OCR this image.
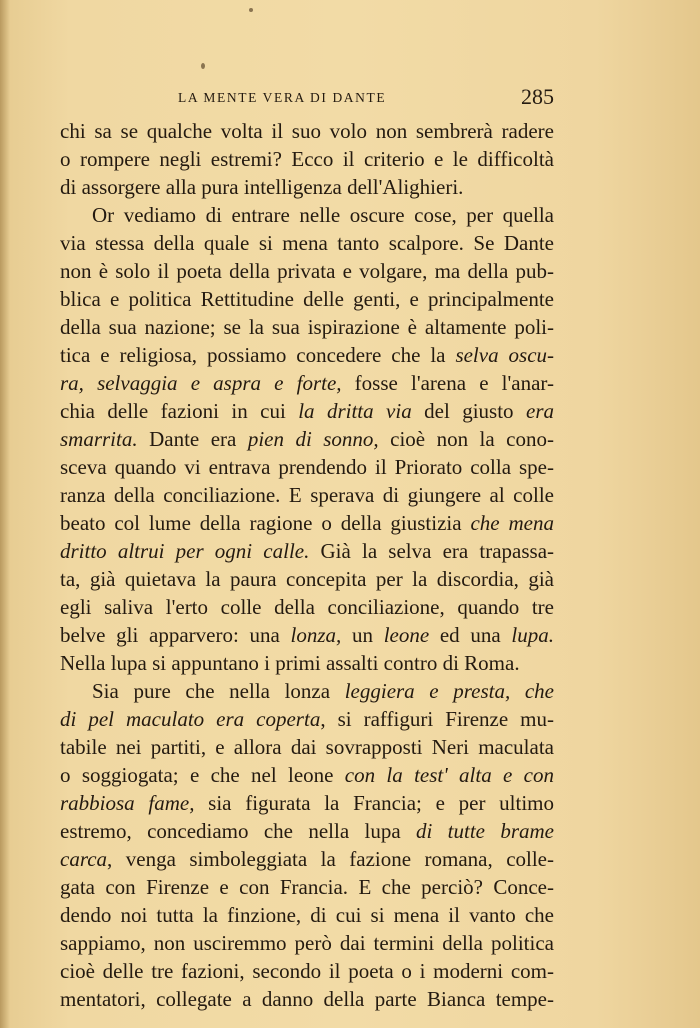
LA MENTE VERA DI DANTE	285
chi sa se qualche volta il suo volo non sembrerà radere
o rompere negli estremi? Ecco il criterio e le difficoltà
di assorgere alla pura intelligenza dell'Alighieri.
Or vediamo di entrare nelle oscure cose, per quella
via stessa della quale si mena tanto scalpore. Se Dante
non è solo il poeta della privata e volgare, ma della pub-
blica e politica Rettitudine delle genti, e principalmente
della sua nazione; se la sua ispirazione è altamente poli-
tica e religiosa, possiamo concedere che la selva oscu-
ra, selvaggia e aspra e forte, fosse l'arena e l'anar-
chia delle fazioni in cui la dritta via del giusto era
smarrita. Dante era pien di sonno, cioè non la cono-
sceva quando vi entrava prendendo il Priorato colla spe-
ranza della conciliazione. E sperava di giungere al colle
beato col lume della ragione o della giustizia che mena
dritto altrui per ogni calle. Già la selva era trapassa-
ta, già quietava la paura concepita per la discordia, già
egli saliva l'erto colle della conciliazione, quando tre
belve gli apparvero: una lonza, un leone ed una lupa.
Nella lupa si appuntano i primi assalti contro di Roma.
Sia pure che nella lonza leggiera e presta, che
di pel maculato era coperta, si raffiguri Firenze mu-
tabile nei partiti, e allora dai sovrapposti Neri maculata
o soggiogata; e che nel leone con la test' alta e con
rabbiosa fame, sia figurata la Francia; e per ultimo
estremo, concediamo che nella lupa di tutte brame
carca, venga simboleggiata la fazione romana, colle-
gata con Firenze e con Francia. E che perciò? Conce-
dendo noi tutta la finzione, di cui si mena il vanto che
sappiamo, non usciremmo però dai termini della politica
cioè delle tre fazioni, secondo il poeta o i moderni com-
mentatori, collegate a danno della parte Bianca tempe-
